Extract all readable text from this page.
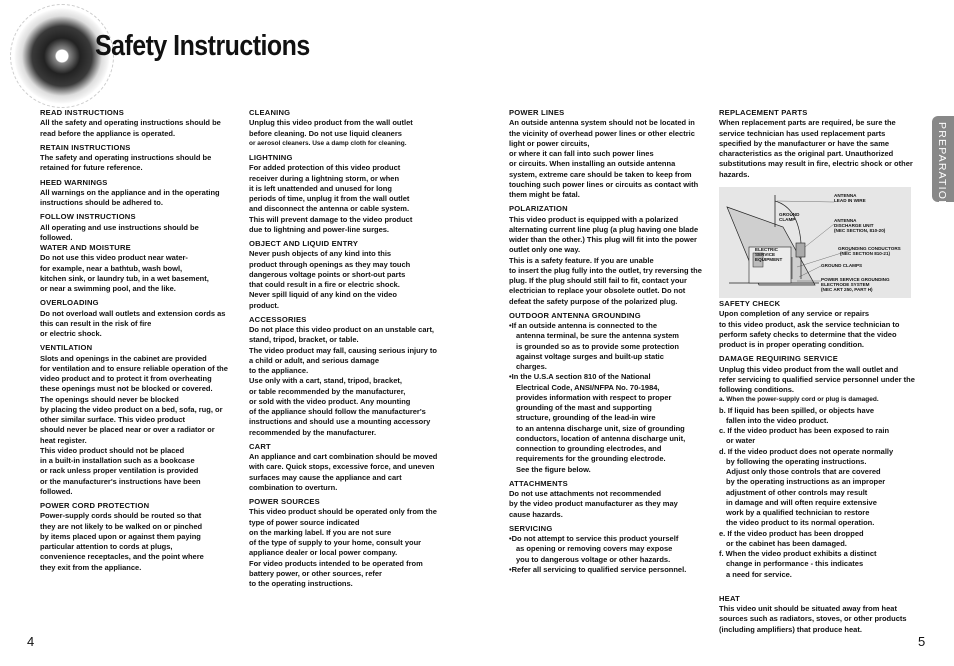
Safety Instructions
READ INSTRUCTIONS

All the safety and operating instructions should be

read before the appliance is operated.

RETAIN INSTRUCTIONS

The safety and operating instructions should be

retained for future reference.

HEED WARNINGS

All warnings on the appliance and in the operating

instructions should be adhered to.

FOLLOW INSTRUCTIONS

All operating and use instructions should be

followed.

WATER AND MOISTURE

Do not use this video product near water-

for example, near a bathtub, wash bowl,

kitchen sink, or laundry tub, in a wet basement,

or near a swimming pool, and the like.

OVERLOADING

Do not overload wall outlets and extension cords as

this can result in the risk of fire

or electric shock.

VENTILATION

Slots and openings in the cabinet are provided

for ventilation and to ensure reliable operation of the

video product and to protect it from overheating

these openings must not be blocked or covered.

The openings should never be blocked

by placing the video product on a bed, sofa, rug, or

other similar surface. This video product

should never be placed near or over a radiator or

heat register.

This video product should not be placed

in a built-in installation such as a bookcase

or rack unless proper ventilation is provided

or the manufacturer's instructions have been

followed.

POWER CORD PROTECTION

Power-supply cords should be routed so that

they are not likely to be walked on or pinched

by items placed upon or against them paying

particular attention to cords at plugs,

convenience receptacles, and the point where

they exit from the appliance.

CLEANING

Unplug this video product from the wall outlet

before cleaning. Do not use liquid cleaners

or aerosol cleaners. Use a damp cloth for cleaning.

LIGHTNING

For added protection of this video product

receiver during a lightning storm, or when

it is left unattended and unused for long

periods of time, unplug it from the wall outlet

and disconnect the antenna or cable system.

This will prevent damage to the video product

due to lightning and power-line surges.

OBJECT AND LIQUID ENTRY

Never push objects of any kind into this

product through openings as they may touch

dangerous voltage points or short-out parts

that could result in a fire or electric shock.

Never spill liquid of any kind on the video

product.

ACCESSORIES

Do not place this video product on an unstable cart,

stand, tripod, bracket, or table.

The video product may fall, causing serious injury to

a child or adult, and serious damage

to the appliance.

Use only with a cart, stand, tripod, bracket,

or table recommended by the manufacturer,

or sold with the video product. Any mounting

of the appliance should follow the manufacturer's

instructions and should use a mounting accessory

recommended by the manufacturer.

CART

An appliance and cart combination should be moved

with care. Quick stops, excessive force, and uneven

surfaces may cause the appliance and cart

combination to overturn.

POWER SOURCES

This video product should be operated only from the

type of power source indicated

on the marking label. If you are not sure

of the type of supply to your home, consult your

appliance dealer or local power company.

For video products intended to be operated from

battery power, or other sources, refer

to the operating instructions.

POWER LINES

An outside antenna system should not be located in

the vicinity of overhead power lines or other electric

light or power circuits,

or where it can fall into such power lines

or circuits. When installing an outside antenna

system, extreme care should be taken to keep from

touching such power lines or circuits as contact with

them might be fatal.

POLARIZATION

This video product is equipped with a polarized

alternating current line plug (a plug having one blade

wider than the other.) This plug will fit into the power

outlet only one way.

This is a safety feature. If you are unable

to insert the plug fully into the outlet, try reversing the

plug. If the plug should still fail to fit, contact your

electrician to replace your obsolete outlet. Do not

defeat the safety purpose of the polarized plug.

OUTDOOR ANTENNA GROUNDING

•If an outside antenna is connected to the

antenna terminal, be sure the antenna system

is grounded so as to provide some protection

against voltage surges and built-up static

charges.

•In the U.S.A section 810 of the National

Electrical Code, ANSI/NFPA No. 70-1984,

provides information with respect to proper

grounding of the mast and supporting

structure, grounding of the lead-in wire

to an antenna discharge unit, size of grounding

conductors, location of antenna discharge unit,

connection to grounding electrodes, and

requirements for the grounding electrode.

See the figure below.

ATTACHMENTS

Do not use attachments not recommended

by the video product manufacturer as they may

cause hazards.

SERVICING

•Do not attempt to service this product yourself

as opening or removing covers may expose

you to dangerous voltage or other hazards.

•Refer all servicing to qualified service personnel.

REPLACEMENT PARTS

When replacement parts are required, be sure the

service technician has used replacement parts

specified by the manufacturer or have the same

characteristics as the original part. Unauthorized

substitutions may result in fire, electric shock or other

hazards.

SAFETY CHECK

Upon completion of any service or repairs

to this video product, ask the service technician to

perform safety checks to determine that the video

product is in proper operating condition.

DAMAGE REQUIRING SERVICE

Unplug this video product from the wall outlet and

refer servicing to qualified service personnel under the

following conditions.

a. When the power-supply cord or plug is damaged.

b. If liquid has been spilled, or objects have

fallen into the video product.

c. If the video product has been exposed to rain

or water

d. If the video product does not operate normally

by following the operating instructions.

Adjust only those controls that are covered

by the operating instructions as an improper

adjustment of other controls may result

in damage and will often require extensive

work by a qualified technician to restore

the video product to its normal operation.

e. If the video product has been dropped

or the cabinet has been damaged.

f. When the video product exhibits a distinct

change in performance - this indicates

a need for service.

HEAT

This video unit should be situated away from heat

sources such as radiators, stoves, or other products

(including amplifiers) that produce heat.

GROUND CLAMP
ANTENNA LEAD IN WIRE
ANTENNA DISCHARGE UNIT (NEC SECTION, 810-20)
ELECTRIC SERVICE EQUIPMENT
GROUNDING CONDUCTORS (NEC SECTION 810-21)
GROUND CLAMPS
POWER SERVICE GROUNDING ELECTRODE SYSTEM (NEC ART 250, PART H)
PREPARATION
4	5
